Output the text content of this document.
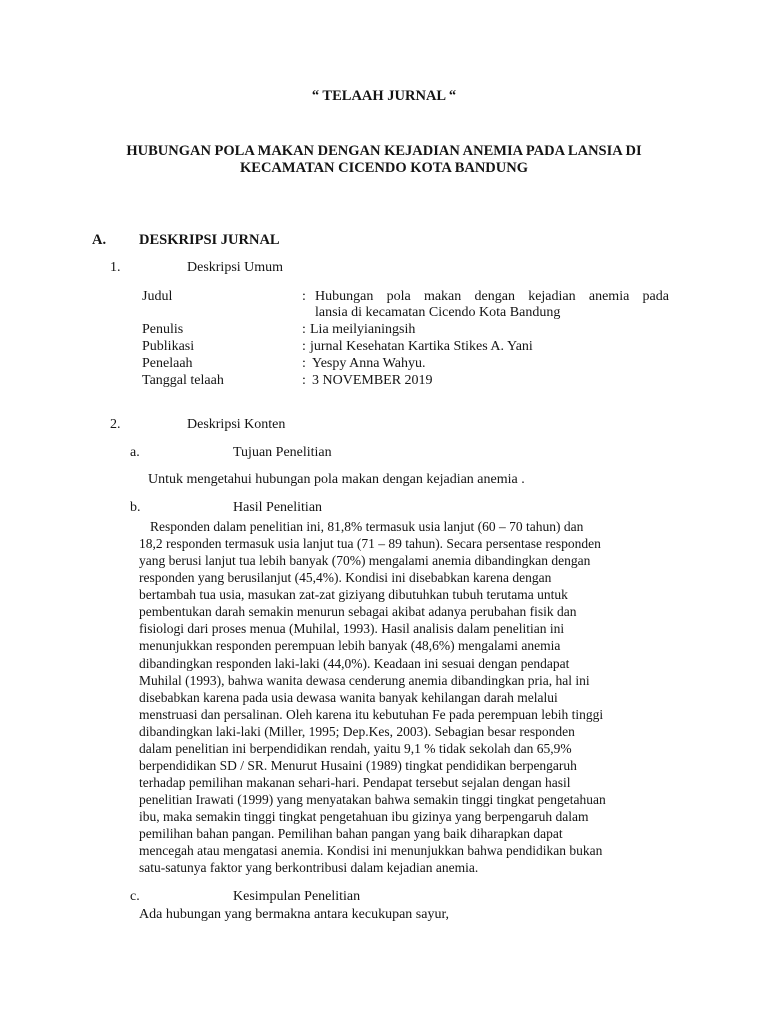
“ TELAAH JURNAL “
HUBUNGAN POLA MAKAN DENGAN KEJADIAN ANEMIA PADA LANSIA DI
KECAMATAN CICENDO KOTA BANDUNG
A. DESKRIPSI JURNAL
1.	Deskripsi Umum
Judul	: Hubungan pola makan dengan kejadian anemia pada
lansia di kecamatan Cicendo Kota Bandung
Penulis	: Lia meilyianingsih
Publikasi	: jurnal Kesehatan Kartika Stikes A. Yani
Penelaah	: Yespy Anna Wahyu.
Tanggal telaah	: 3 NOVEMBER 2019
2.	Deskripsi Konten
a.	Tujuan Penelitian
Untuk mengetahui hubungan pola makan dengan kejadian anemia .
b.	Hasil Penelitian
Responden dalam penelitian ini, 81,8% termasuk usia lanjut (60 – 70 tahun) dan
18,2 responden termasuk usia lanjut tua (71 – 89 tahun). Secara persentase responden
yang berusi lanjut tua lebih banyak (70%) mengalami anemia dibandingkan dengan
responden yang berusilanjut (45,4%). Kondisi ini disebabkan karena dengan
bertambah tua usia, masukan zat-zat giziyang dibutuhkan tubuh terutama untuk
pembentukan darah semakin menurun sebagai akibat adanya perubahan fisik dan
fisiologi dari proses menua (Muhilal, 1993). Hasil analisis dalam penelitian ini
menunjukkan responden perempuan lebih banyak (48,6%) mengalami anemia
dibandingkan responden laki-laki (44,0%). Keadaan ini sesuai dengan pendapat
Muhilal (1993), bahwa wanita dewasa cenderung anemia dibandingkan pria, hal ini
disebabkan karena pada usia dewasa wanita banyak kehilangan darah melalui
menstruasi dan persalinan. Oleh karena itu kebutuhan Fe pada perempuan lebih tinggi
dibandingkan laki-laki (Miller, 1995; Dep.Kes, 2003). Sebagian besar responden
dalam penelitian ini berpendidikan rendah, yaitu 9,1 % tidak sekolah dan 65,9%
berpendidikan SD / SR. Menurut Husaini (1989) tingkat pendidikan berpengaruh
terhadap pemilihan makanan sehari-hari. Pendapat tersebut sejalan dengan hasil
penelitian Irawati (1999) yang menyatakan bahwa semakin tinggi tingkat pengetahuan
ibu, maka semakin tinggi tingkat pengetahuan ibu gizinya yang berpengaruh dalam
pemilihan bahan pangan. Pemilihan bahan pangan yang baik diharapkan dapat
mencegah atau mengatasi anemia. Kondisi ini menunjukkan bahwa pendidikan bukan
satu-satunya faktor yang berkontribusi dalam kejadian anemia.
c.	Kesimpulan Penelitian
Ada hubungan yang bermakna antara kecukupan sayur,
